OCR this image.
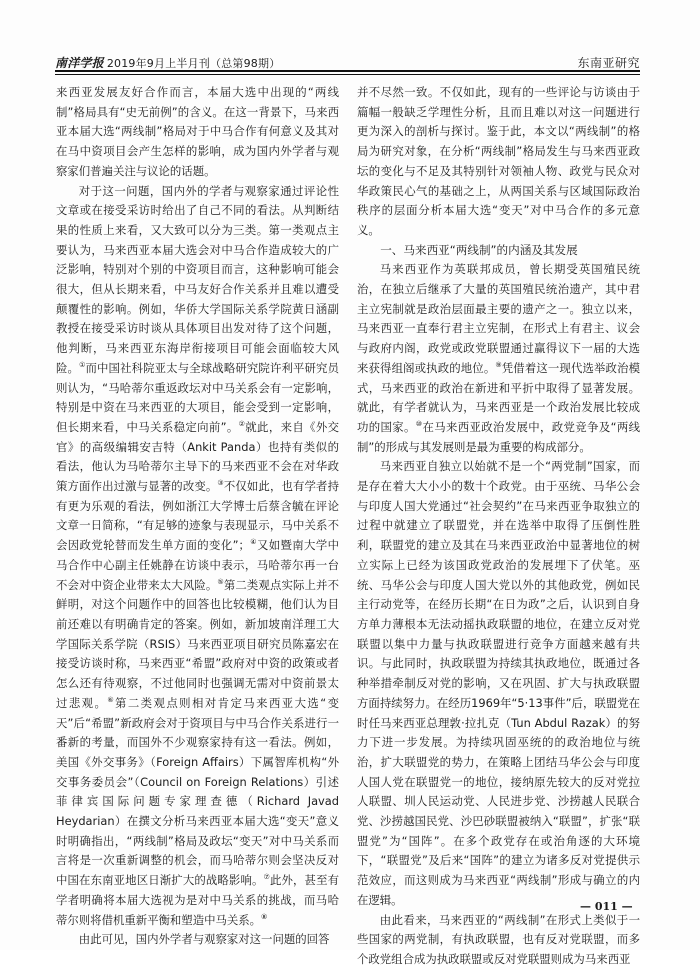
南洋学报 2019年9月上半月刊（总第98期）	东南亚研究

来西亚发展友好合作而言，本届大选中出现的“两线制”格局具有“史无前例”的含义。在这一背景下，马来西亚本届大选“两线制”格局对于中马合作有何意义及其对在马中资项目会产生怎样的影响，成为国内外学者与观察家们普遍关注与议论的话题。

对于这一问题，国内外的学者与观察家通过评论性文章或在接受采访时给出了自己不同的看法。从判断结果的性质上来看，又大致可以分为三类。第一类观点主要认为，马来西亚本届大选会对中马合作造成较大的广泛影响，特别对个别的中资项目而言，这种影响可能会很大，但从长期来看，中马友好合作关系并且难以遭受颠覆性的影响。例如，华侨大学国际关系学院黄日涵副教授在接受采访时谈从具体项目出发对待了这个问题，他判断，马来西亚东海岸衔接项目可能会面临较大风险。①而中国社科院亚太与全球战略研究院许利平研究员则认为，“马哈蒂尔重返政坛对中马关系会有一定影响，特别是中资在马来西亚的大项目，能会受到一定影响，但长期来看，中马关系稳定向前”。②就此，来自《外交官》的高级编辑安吉特（Ankit Panda）也持有类似的看法，他认为马哈蒂尔主导下的马来西亚不会在对华政策方面作出过激与显著的改变。③不仅如此，也有学者持有更为乐观的看法，例如浙江大学博士后蔡含毓在评论文章一日简称，“有足够的迹象与表现显示，马中关系不会因政党轮替而发生单方面的变化”；④又如暨南大学中马合作中心副主任姚静在访谈中表示，马哈蒂尔再一台不会对中资企业带来太大风险。⑤第二类观点实际上并不鲜明，对这个问题作中的回答也比较模糊，他们认为目前还难以有明确肯定的答案。例如，新加坡南洋理工大学国际关系学院（RSIS）马来西亚项目研究员陈嘉宏在接受访谈时称，马来西亚“希盟”政府对中资的政策或者怎么还有待观察，不过他同时也强调无需对中资前景太过悲观。⑥第二类观点则相对肯定马来西亚大选“变天”后“希盟”新政府会对于资项目与中马合作关系进行一番新的考量，而国外不少观察家持有这一看法。例如，美国《外交事务》（Foreign Affairs）下属智库机构“外交事务委员会”（Council on Foreign Relations）引述菲律宾国际问题专家理查德（Richard Javad Heydarian）在撰文分析马来西亚本届大选“变天”意义时明确指出，“两线制”格局及政坛“变天”对中马关系而言将是一次重新调整的机会，而马哈蒂尔则会坚决反对中国在东南亚地区日渐扩大的战略影响。⑦此外，甚至有学者明确将本届大选视为是对中马关系的挑战，而马哈蒂尔则将借机重新平衡和塑造中马关系。⑧

由此可见，国内外学者与观察家对这一问题的回答

并不尽然一致。不仅如此，现有的一些评论与访谈由于篇幅一般缺乏学理性分析，且而且难以对这一问题进行更为深入的剖析与探讨。鉴于此，本文以“两线制”的格局为研究对象，在分析“两线制”格局发生与马来西亚政坛的变化与不足及其特别针对领袖人物、政党与民众对华政策民心气的基础之上，从两国关系与区域国际政治秩序的层面分析本届大选“变天”对中马合作的多元意义。

一、马来西亚“两线制”的内涵及其发展

马来西亚作为英联邦成员，曾长期受英国殖民统治，在独立后继承了大量的英国殖民统治遗产，其中君主立宪制就是政治层面最主要的遗产之一。独立以来，马来西亚一直奉行君主立宪制，在形式上有君主、议会与政府内阁，政党或政党联盟通过赢得议下一届的大选来获得组阁或执政的地位。⑨凭借着这一现代选举政治模式，马来西亚的政治在新进和平折中取得了显著发展。就此，有学者就认为，马来西亚是一个政治发展比较成功的国家。⑩在马来西亚政治发展中，政党竞争及“两线制”的形成与其发展则是最为重要的构成部分。

马来西亚自独立以始就不是一个“两党制”国家，而是存在着大大小小的数十个政党。由于巫统、马华公会与印度人国大党通过“社会契约”在马来西亚争取独立的过程中就建立了联盟党，并在选举中取得了压倒性胜利，联盟党的建立及其在马来西亚政治中显著地位的树立实际上已经为该国政党政治的发展埋下了伏笔。巫统、马华公会与印度人国大党以外的其他政党，例如民主行动党等，在经历长期“在日为政”之后，认识到自身方单力薄根本无法动摇执政联盟的地位，在建立反对党联盟以集中力量与执政联盟进行竞争方面越来越有共识。与此同时，执政联盟为持续其执政地位，既通过各种举措牵制反对党的影响，又在巩固、扩大与执政联盟方面持续努力。在经历1969年“5·13事件”后，联盟党在时任马来西亚总理敦·拉扎克（Tun Abdul Razak）的努力下进一步发展。为持续巩固巫统的的政治地位与统治，扩大联盟党的势力，在策略上团结马华公会与印度人国人党在联盟党一的地位，接纳原先较大的反对党拉人联盟、圳人民运动党、人民进步党、沙捞越人民联合党、沙捞越国民党、沙巴砂联盟被纳入“联盟”，扩张“联盟党”为“国阵”。在多个政党存在或治角逐的大环境下，“联盟党”及后来“国阵”的建立为诸多反对党提供示范效应，而这则成为马来西亚“两线制”形成与确立的内在逻辑。

由此看来，马来西亚的“两线制”在形式上类似于一些国家的两党制，有执政联盟，也有反对党联盟，而多个政党组合成为执政联盟或反对党联盟则成为马来西亚

— 011 —
